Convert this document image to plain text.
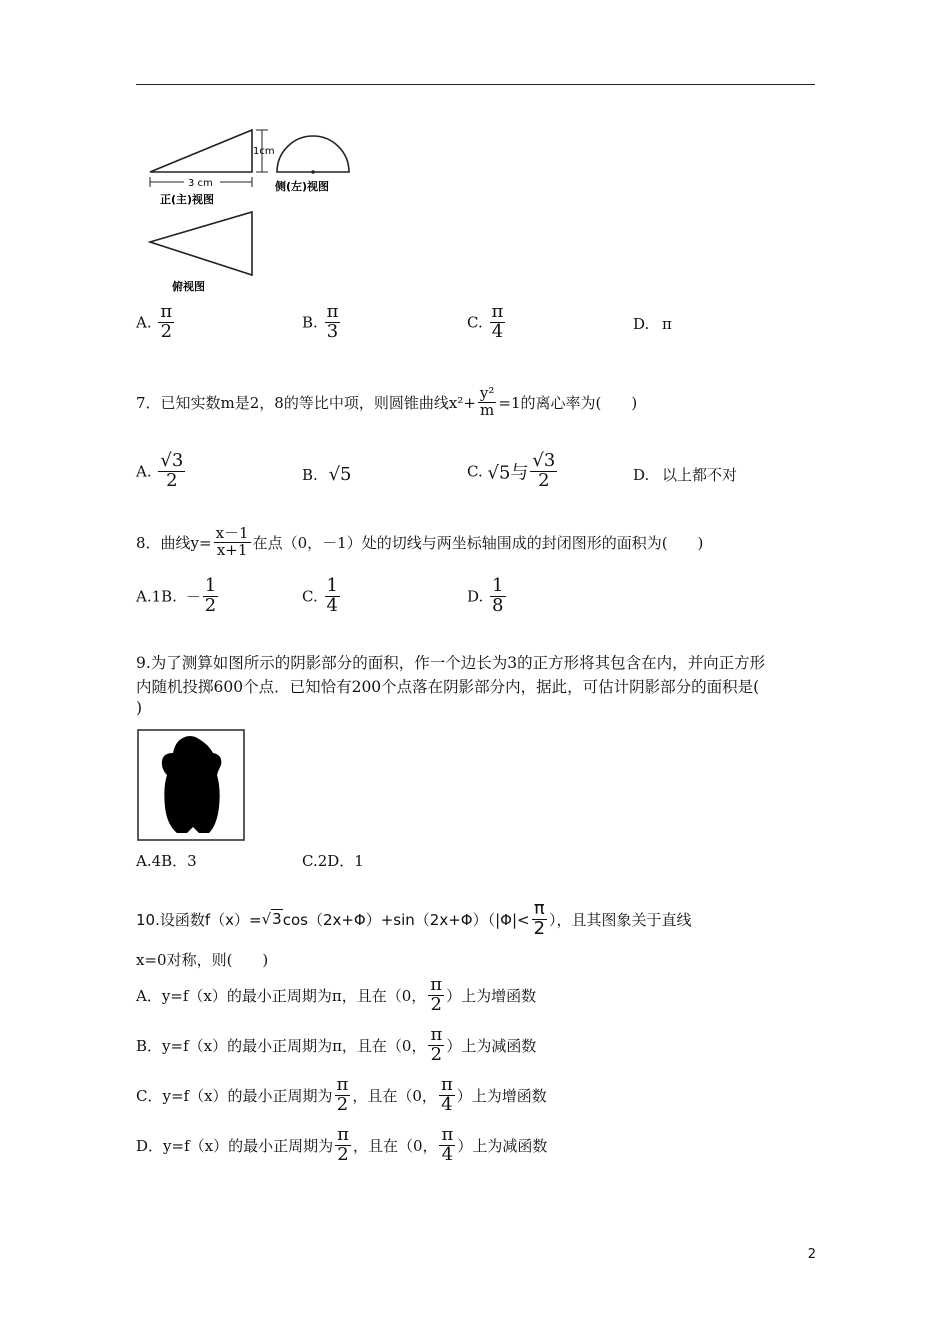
1cm
3 cm
正(主)视图
侧(左)视图
俯视图
A. $\frac{\pi}{2}$	B. $\frac{\pi}{3}$	C. $\frac{\pi}{4}$	D. π
7．已知实数m是2，8的等比中项，则圆锥曲线$x^2+ \frac{\text{y²}}{m} =1$的离心率为(　　)
A. $\frac{√3}{2}$	B. √5	C. √5与 $\frac{√3}{2}$	D. 以上都不对
8．曲线$y= \frac{x-1}{x+1}$ 在点（0，－1）处的切线与两坐标轴围成的封闭图形的面积为(　　)
A.1B. － $\frac{1}{2}$	C. $\frac{1}{4}$	D. $\frac{1}{8}$
9.为了测算如图所示的阴影部分的面积，作一个边长为3的正方形将其包含在内，并向正方形
内随机投掷600个点．已知恰有200个点落在阴影部分内，据此，可估计阴影部分的面积是(
)
A.4B．3	C.2D．1
10.设函数$f(x)=√3\cos(2x+\Phi)+\sin(2x+\Phi)(|\Phi|< \frac{\pi}{2}$ ），且其图象关于直线
x=0对称，则(　　)
A．y=f（x）的最小正周期为π，且在（0， $\frac{\pi}{2}$ ）上为增函数
B．y=f（x）的最小正周期为π，且在（0， $\frac{\pi}{2}$ ）上为减函数
C．y=f（x）的最小正周期为 $\frac{\pi}{2}$ ，且在（0， $\frac{\pi}{4}$ ）上为增函数
D．y=f（x）的最小正周期为 $\frac{\pi}{2}$ ，且在（0， $\frac{\pi}{4}$ ）上为减函数
2
